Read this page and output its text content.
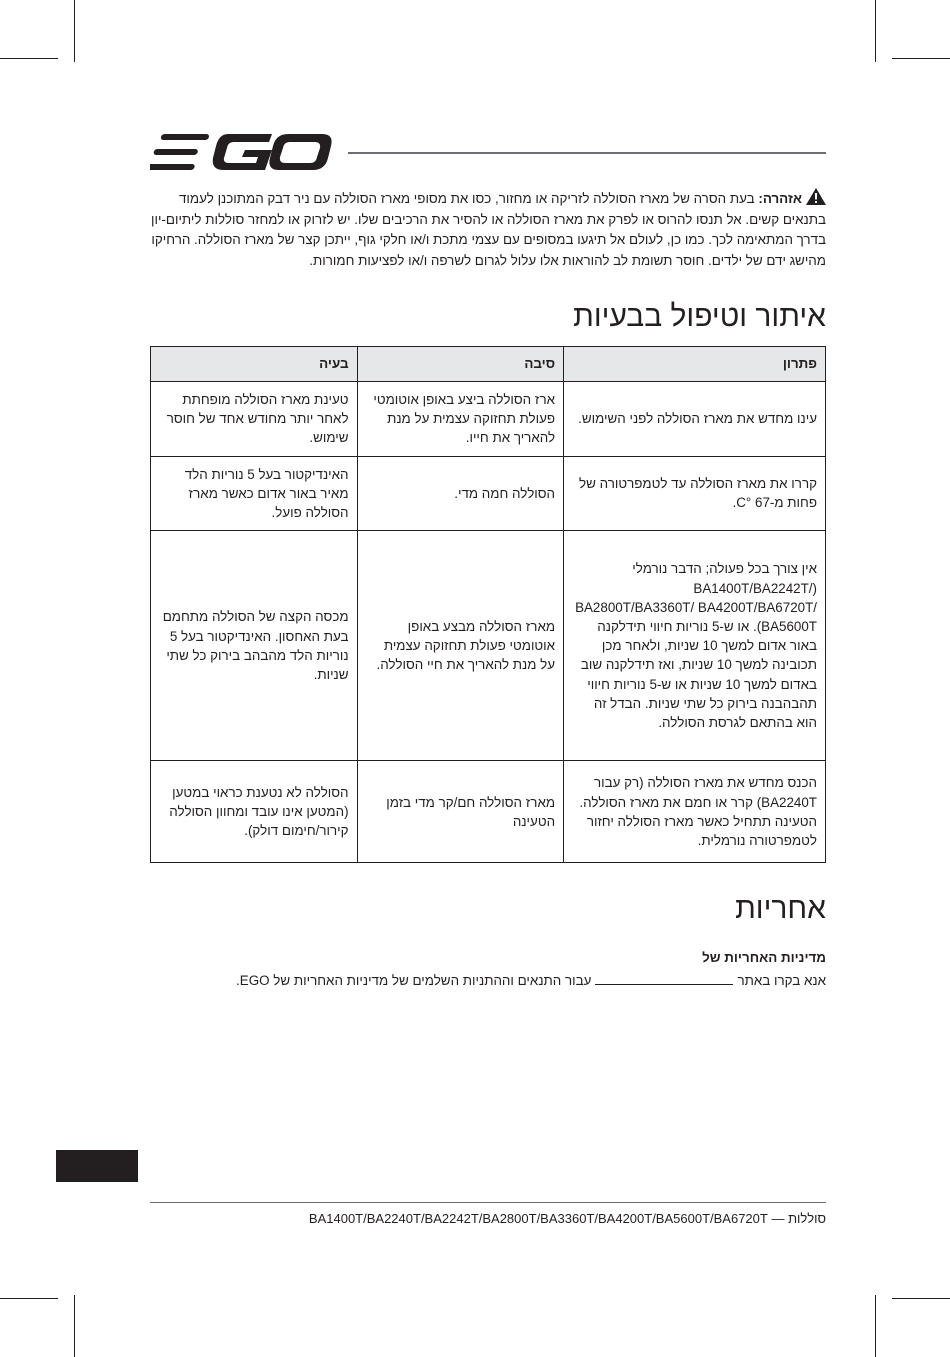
אזהרה: בעת הסרה של מארז הסוללה לזריקה או מחזור, כסו את מסופי מארז הסוללה עם ניר דבק המתוכנן לעמוד בתנאים קשים. אל תנסו להרוס או לפרק את מארז הסוללה או להסיר את הרכיבים שלו. יש לזרוק או למחזר סוללות ליתיום-יון בדרך המתאימה לכך. כמו כן, לעולם אל תיגעו במסופים עם עצמי מתכת ו/או חלקי גוף, ייתכן קצר של מארז הסוללה. הרחיקו מהישג ידם של ילדים. חוסר תשומת לב להוראות אלו עלול לגרום לשרפה ו/או לפציעות חמורות.
איתור וטיפול בבעיות
פתרון	סיבה	בעיה
עינו מחדש את מארז הסוללה לפני השימוש.	ארז הסוללה ביצע באופן אוטומטי פעולת תחזוקה עצמית על מנת להאריך את חייו.	טעינת מארז הסוללה מופחתת לאחר יותר מחודש אחד של חוסר שימוש.
קררו את מארז הסוללה עד לטמפרטורה של פחות מ-C° 67.	הסוללה חמה מדי.	האינדיקטור בעל 5 נוריות הלד מאיר באור אדום כאשר מארז הסוללה פועל.
אין צורך בכל פעולה; הדבר נורמלי (BA1400T/BA2242T/ BA2800T/BA3360T/ BA4200T/BA6720T/ BA5600T). או ש-5 נוריות חיווי תידלקנה באור אדום למשך 10 שניות, ולאחר מכן תכובינה למשך 10 שניות, ואז תידלקנה שוב באדום למשך 10 שניות או ש-5 נוריות חיווי תהבהבנה בירוק כל שתי שניות. הבדל זה הוא בהתאם לגרסת הסוללה.	מארז הסוללה מבצע באופן אוטומטי פעולת תחזוקה עצמית על מנת להאריך את חיי הסוללה.	מכסה הקצה של הסוללה מתחמם בעת האחסון. האינדיקטור בעל 5 נוריות הלד מהבהב בירוק כל שתי שניות.
הכנס מחדש את מארז הסוללה (רק עבור BA2240T) קרר או חמם את מארז הסוללה. הטעינה תתחיל כאשר מארז הסוללה יחזור לטמפרטורה נורמלית.	מארז הסוללה חם/קר מדי בזמן הטעינה	הסוללה לא נטענת כראוי במטען (המטען אינו עובד ומחוון הסוללה קירור/חימום דולק).
אחריות
מדיניות האחריות של
אנא בקרו באתרעבור התנאים וההתניות השלמים של מדיניות האחריות של EGO.
סוללות — BA1400T/BA2240T/BA2242T/BA2800T/BA3360T/BA4200T/BA5600T/BA6720T
